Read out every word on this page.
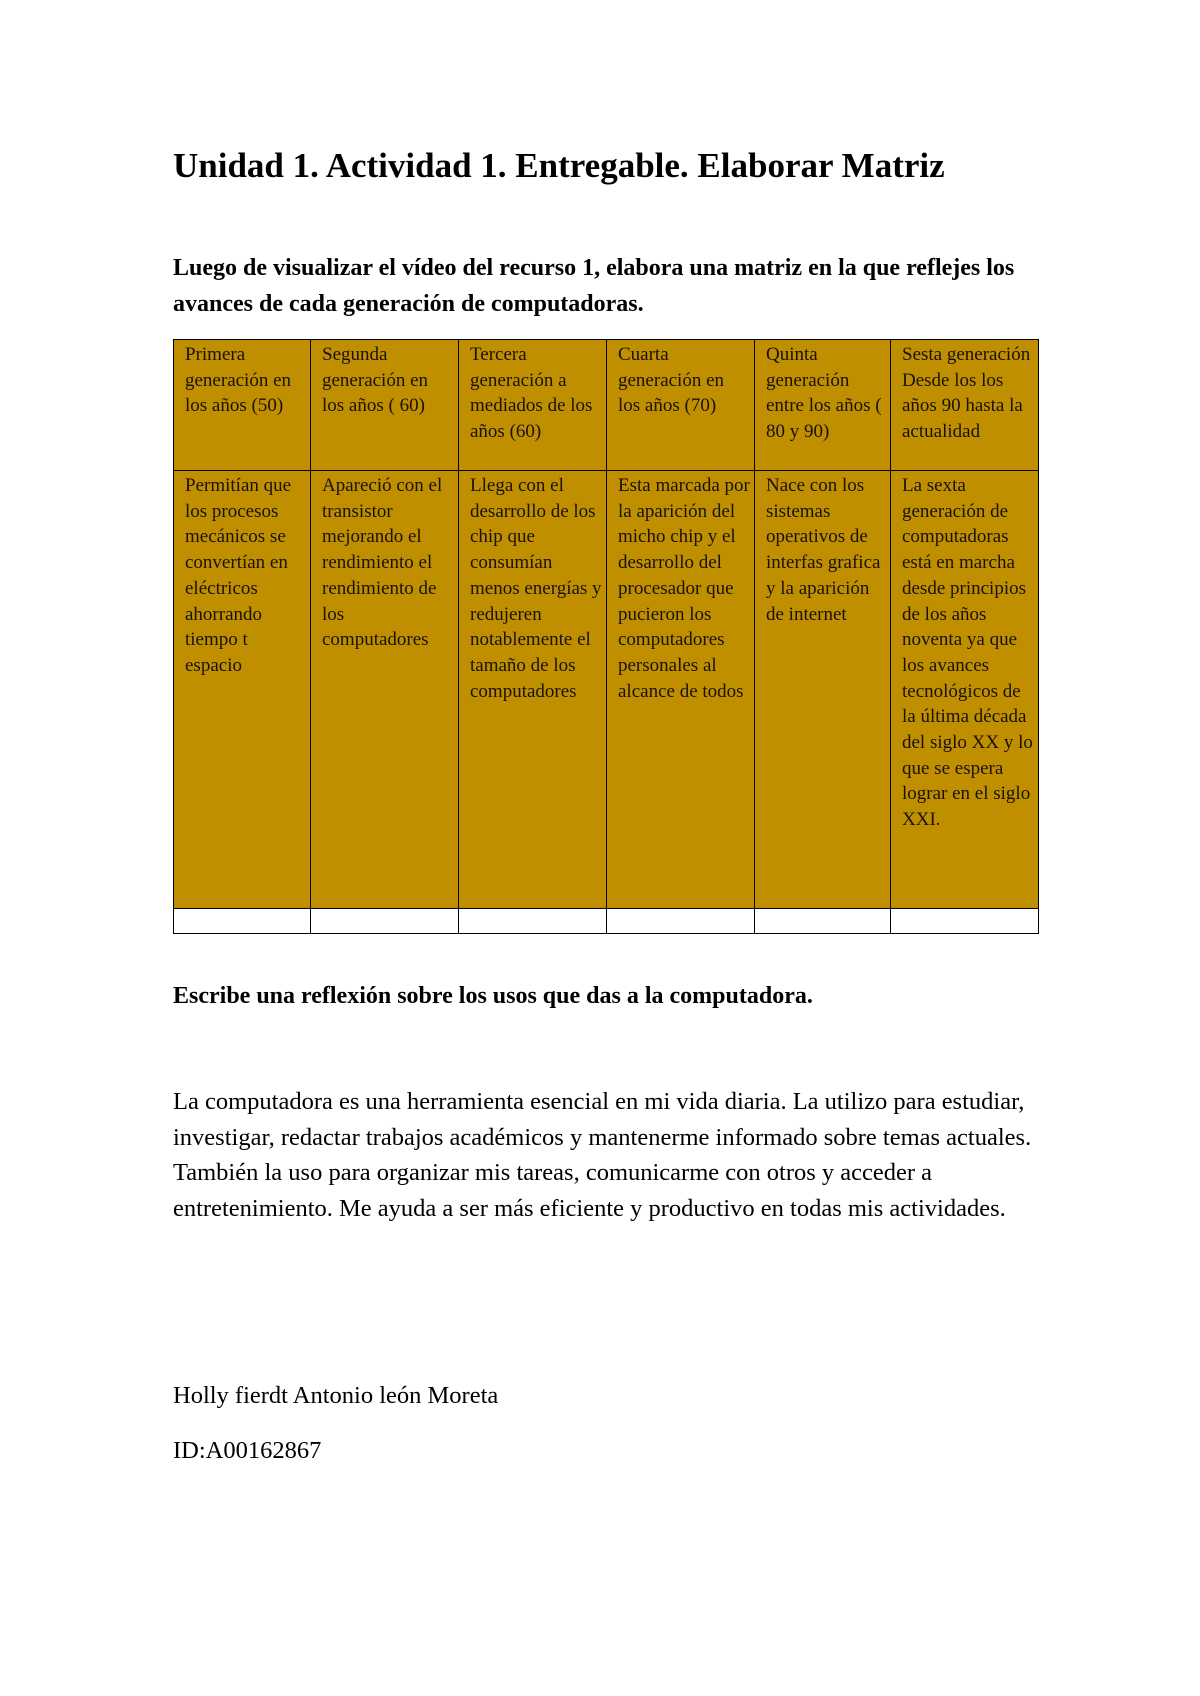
Unidad 1. Actividad 1. Entregable. Elaborar Matriz

Luego de visualizar el vídeo del recurso 1, elabora una matriz en la que reflejes los avances de cada generación de computadoras.

Primera generación en los años (50)	Segunda generación en los años ( 60)	Tercera generación a mediados de los años (60)	Cuarta generación en los años (70)	Quinta generación entre los años ( 80 y 90)	Sesta generación Desde los los años 90 hasta la actualidad
Permitían que los procesos mecánicos se convertían en eléctricos ahorrando tiempo t espacio	Apareció con el transistor mejorando el rendimiento el rendimiento de los computadores	Llega con el desarrollo de los chip que consumían menos energías y redujeren notablemente el tamaño de los computadores	Esta marcada por la aparición del micho chip y el desarrollo del procesador que pucieron los computadores personales al alcance de todos	Nace con los sistemas operativos de interfas grafica y la aparición de internet	La sexta generación de computadoras está en marcha desde principios de los años noventa ya que los avances tecnológicos de la última década del siglo XX y lo que se espera lograr en el siglo XXI.

Escribe una reflexión sobre los usos que das a la computadora.

La computadora es una herramienta esencial en mi vida diaria. La utilizo para estudiar, investigar, redactar trabajos académicos y mantenerme informado sobre temas actuales. También la uso para organizar mis tareas, comunicarme con otros y acceder a entretenimiento. Me ayuda a ser más eficiente y productivo en todas mis actividades.

Holly fierdt Antonio león Moreta

ID:A00162867
